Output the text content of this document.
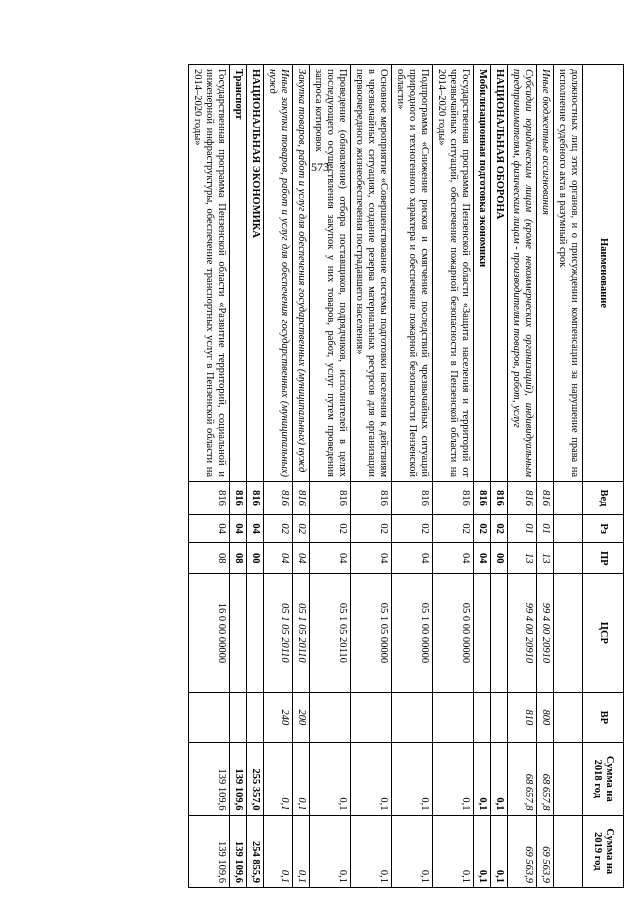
573
Наименование	Вед	Рз	ПР	ЦСР	ВР	Сумма на 2018 год	Сумма на 2019 год
должностных лиц этих органов, и о присуждении компенсации за нарушение права на исполнение судебного акта в разумный срок							
Иные бюджетные ассигнования	816	01	13	99 4 00 20910	800	68 657,8	69 563,9
Субсидии юридическим лицам (кроме некоммерческих организаций), индивидуальным предпринимателям, физическим лицам - производителям товаров, работ, услуг	816	01	13	99 4 00 20910	810	68 657,8	69 563,9
НАЦИОНАЛЬНАЯ ОБОРОНА	816	02	00			0,1	0,1
Мобилизационная подготовка экономики	816	02	04			0,1	0,1
Государственная программа Пензенской области «Защита населения и территорий от чрезвычайных ситуаций, обеспечение пожарной безопасности в Пензенской области на 2014–2020 годы»	816	02	04	05 0 00 00000		0,1	0,1
Подпрограмма «Снижение рисков и смягчение последствий чрезвычайных ситуаций природного и техногенного характера и обеспечение пожарной безопасности Пензенской области»	816	02	04	05 1 00 00000		0,1	0,1
Основное мероприятие «Совершенствование системы подготовки населения к действиям в чрезвычайных ситуациях, создание резерва материальных ресурсов для организации первоочередного жизнеобеспечения пострадавшего населения»	816	02	04	05 1 05 00000		0,1	0,1
Проведение (обновление) отбора поставщиков, подрядчиков, исполнителей в целях последующего осуществления закупок у них товаров, работ, услуг путем проведения запроса котировок	816	02	04	05 1 05 20110		0,1	0,1
Закупка товаров, работ и услуг для обеспечения государственных (муниципальных) нужд	816	02	04	05 1 05 20110	200	0,1	0,1
Иные закупки товаров, работ и услуг для обеспечения государственных (муниципальных) нужд	816	02	04	05 1 05 20110	240	0,1	0,1
НАЦИОНАЛЬНАЯ ЭКОНОМИКА	816	04	00			255 357,0	254 855,9
Транспорт	816	04	08			139 109,6	139 109,6
Государственная программа Пензенской области «Развитие территорий, социальной и инженерной инфраструктуры, обеспечение транспортных услуг в Пензенской области на 2014–2020 годы»	816	04	08	16 0 00 00000		139 109,6	139 109,6
